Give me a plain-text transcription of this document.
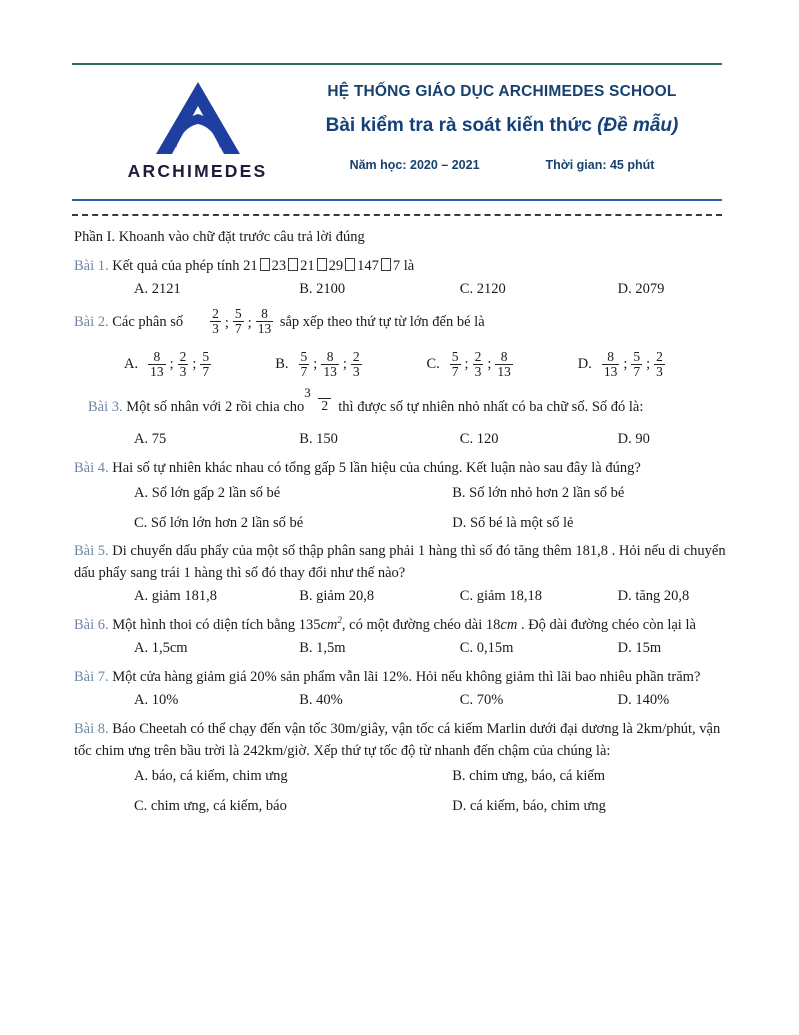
ARCHIMEDES
HỆ THỐNG GIÁO DỤC ARCHIMEDES SCHOOL
Bài kiểm tra rà soát kiến thức (Đề mẫu)
Năm học: 2020 – 2021	Thời gian: 45 phút
Phần I. Khoanh vào chữ đặt trước câu trả lời đúng
Bài 1. Kết quả của phép tính 21 23 21 29 147 7 là
A. 2121	B. 2100	C. 2120	D. 2079
Bài 2. Các phân số $\frac{2}{3}$ ; $\frac{5}{7}$ ; $\frac{8}{13}$ sắp xếp theo thứ tự từ lớn đến bé là
A. $\frac{8}{13}$ ; $\frac{2}{3}$ ; $\frac{5}{7}$	B. $\frac{5}{7}$ ; $\frac{8}{13}$ ; $\frac{2}{3}$	C. $\frac{5}{7}$ ; $\frac{2}{3}$ ; $\frac{8}{13}$	D. $\frac{8}{13}$ ; $\frac{5}{7}$ ; $\frac{2}{3}$
Bài 3. Một số nhân với 2 rồi chia cho
3
2 thì được số tự nhiên nhỏ nhất có ba chữ số. Số đó là:
A. 75	B. 150	C. 120	D. 90
Bài 4. Hai số tự nhiên khác nhau có tổng gấp 5 lần hiệu của chúng. Kết luận nào sau đây là đúng?
A. Số lớn gấp 2 lần số bé	B. Số lớn nhỏ hơn 2 lần số bé
C. Số lớn lớn hơn 2 lần số bé	D. Số bé là một số lẻ
Bài 5. Di chuyển dấu phẩy của một số thập phân sang phải 1 hàng thì số đó tăng thêm 181,8 . Hỏi nếu di chuyển dấu phẩy sang trái 1 hàng thì số đó thay đổi như thế nào?
A. giảm 181,8	B. giảm 20,8	C. giảm 18,18	D. tăng 20,8
Bài 6. Một hình thoi có diện tích bằng $135cm^2$, có một đường chéo dài 18cm . Độ dài đường chéo còn lại là
A. 1,5cm	B. 1,5m	C. 0,15m	D. 15m
Bài 7. Một cửa hàng giảm giá 20% sản phẩm vẫn lãi 12%. Hỏi nếu không giảm thì lãi bao nhiêu phần trăm?
A. 10%	B. 40%	C. 70%	D. 140%
Bài 8. Báo Cheetah có thể chạy đến vận tốc 30m/giây, vận tốc cá kiếm Marlin dưới đại dương là 2km/phút, vận tốc chim ưng trên bầu trời là 242km/giờ. Xếp thứ tự tốc độ từ nhanh đến chậm của chúng là:
A. báo, cá kiếm, chim ưng	B. chim ưng, báo, cá kiếm
C. chim ưng, cá kiếm, báo	D. cá kiếm, báo, chim ưng
